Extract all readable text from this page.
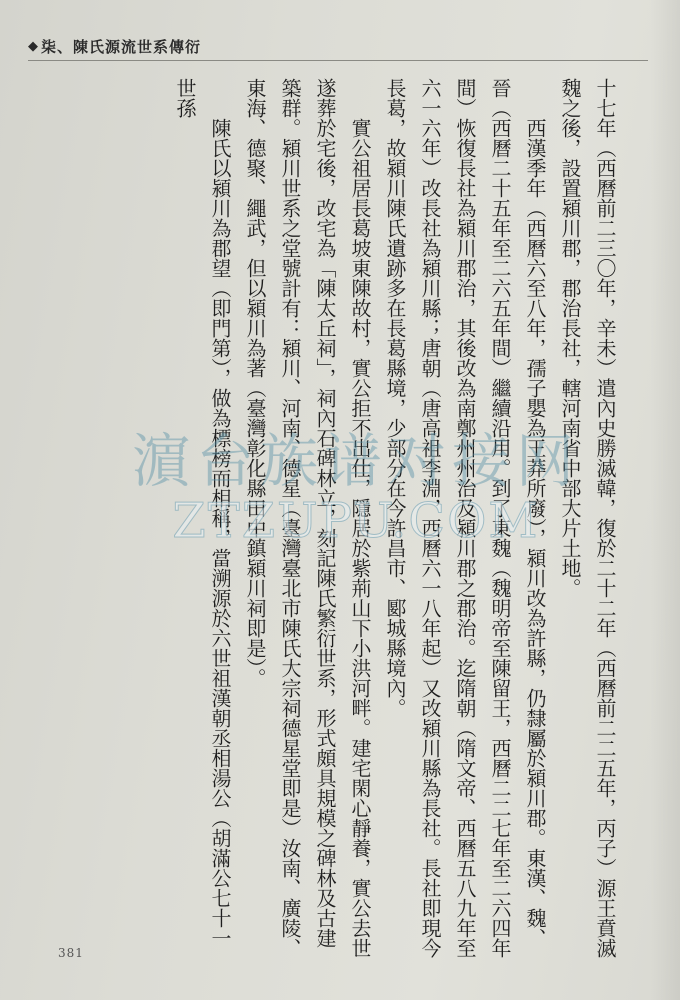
◆ 柒、陳氏源流世系傳衍

十七年（西曆前二三〇年，辛未）遣內史勝滅韓，復於二十二年（西曆前二二五年，丙子）源王賁滅魏之後，設置潁川郡，郡治長社，轄河南省中部大片土地。

西漢季年（西曆六至八年，孺子嬰為王莽所廢），潁川改為許縣，仍隸屬於潁川郡。東漢、魏、晉（西曆二十五年至二六五年間）繼續沿用。到了東魏（魏明帝至陳留王，西曆二二七年至二六四年間）恢復長社為潁川郡治，其後改為南鄭州州治及潁川郡之郡治。迄隋朝（隋文帝、西曆五八九年至六一六年）改長社為潁川縣；唐朝（唐高祖李淵，西曆六一八年起）又改潁川縣為長社。長社即現今長葛，故潁川陳氏遺跡多在長葛縣境，少部分在今許昌市、郾城縣境內。

實公祖居長葛坡東陳故村，實公拒不出仕，隱居於紫荊山下小洪河畔。建宅閑心靜養，實公去世遂葬於宅後，改宅為「陳太丘祠」，祠內石碑林立，刻記陳氏繁衍世系，形式頗具規模之碑林及古建築群。潁川世系之堂號計有：潁川、河南、德星（臺灣臺北市陳氏大宗祠德星堂即是）汝南、廣陵、東海、德聚、繩武，但以潁川為著（臺灣彰化縣田中鎮潁川祠即是）。

陳氏以潁川為郡望（即門第），做為標榜而相稱，當溯源於六世祖漢朝丞相湯公（胡滿公七十一世孫

381
濵台族谱对接网
ZTZUPU.COM
